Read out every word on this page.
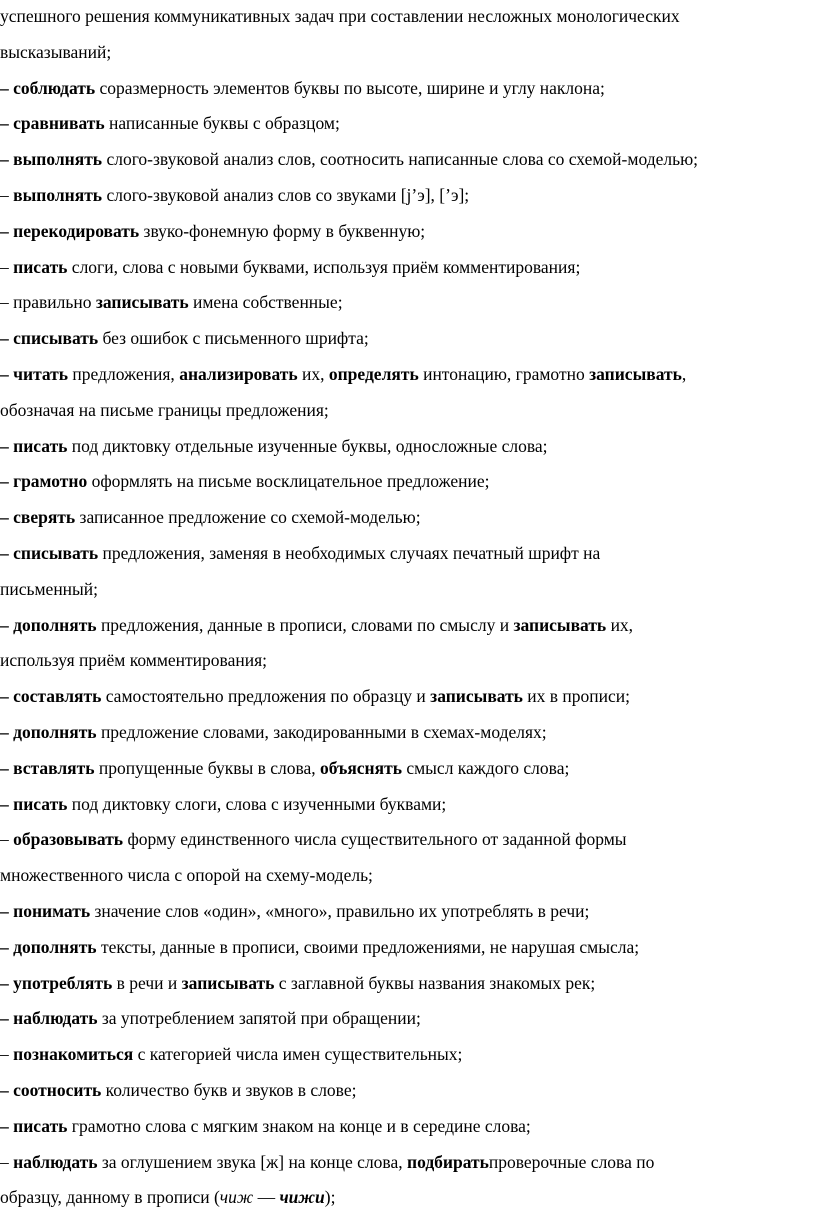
успешного решения коммуникативных задач при составлении несложных монологических
высказываний;
– соблюдать соразмерность элементов буквы по высоте, ширине и углу наклона;
– сравнивать написанные буквы с образцом;
– выполнять слого-звуковой анализ слов, соотносить написанные слова со схемой-моделью;
– выполнять слого-звуковой анализ слов со звуками [j’э], [’э];
– перекодировать звуко-фонемную форму в буквенную;
– писать слоги, слова с новыми буквами, используя приём комментирования;
– правильно записывать имена собственные;
– списывать без ошибок с письменного шрифта;
– читать предложения, анализировать их, определять интонацию, грамотно записывать,
обозначая на письме границы предложения;
– писать под диктовку отдельные изученные буквы, односложные слова;
– грамотно оформлять на письме восклицательное предложение;
– сверять записанное предложение со схемой-моделью;
– списывать предложения, заменяя в необходимых случаях печатный шрифт на
письменный;
– дополнять предложения, данные в прописи, словами по смыслу и записывать их,
используя приём комментирования;
– составлять самостоятельно предложения по образцу и записывать их в прописи;
– дополнять предложение словами, закодированными в схемах-моделях;
– вставлять пропущенные буквы в слова, объяснять смысл каждого слова;
– писать под диктовку слоги, слова с изученными буквами;
– образовывать форму единственного числа существительного от заданной формы
множественного числа с опорой на схему-модель;
– понимать значение слов «один», «много», правильно их употреблять в речи;
– дополнять тексты, данные в прописи, своими предложениями, не нарушая смысла;
– употреблять в речи и записывать с заглавной буквы названия знакомых рек;
– наблюдать за употреблением запятой при обращении;
– познакомиться с категорией числа имен существительных;
– соотносить количество букв и звуков в слове;
– писать грамотно слова с мягким знаком на конце и в середине слова;
– наблюдать за оглушением звука [ж] на конце слова, подбиратьпроверочные слова по
образцу, данному в прописи (чиж — чижи);
